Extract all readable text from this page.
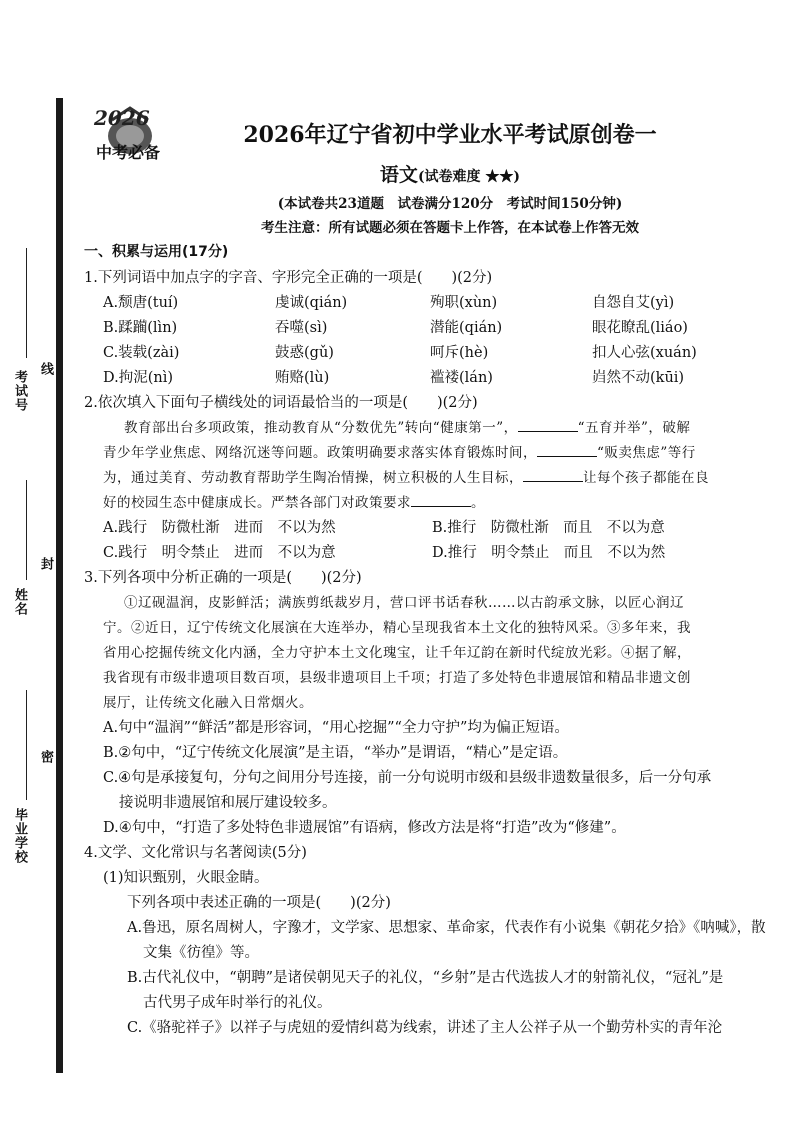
考试号
线
姓名
封
密
毕业学校
2026
中考必备
2026年辽宁省初中学业水平考试原创卷一
语文(试卷难度 ★★)
(本试卷共23道题　试卷满分120分　考试时间150分钟)
考生注意：所有试题必须在答题卡上作答，在本试卷上作答无效
一、积累与运用(17分)
1.下列词语中加点字的字音、字形完全正确的一项是(　　)(2分)
A.颓唐(tuí)	虔诚(qián)	殉职(xùn)	自怨自艾(yì)
B.蹂躏(lìn)	吞噬(sì)	潜能(qián)	眼花瞭乱(liáo)
C.装载(zài)	鼓惑(gǔ)	呵斥(hè)	扣人心弦(xuán)
D.拘泥(nì)	贿赂(lù)	褴褛(lán)	岿然不动(kūi)
2.依次填入下面句子横线处的词语最恰当的一项是(　　)(2分)
教育部出台多项政策，推动教育从“分数优先”转向“健康第一”，	“五育并举”，破解
青少年学业焦虑、网络沉迷等问题。政策明确要求落实体育锻炼时间，	“贩卖焦虑”等行
为，通过美育、劳动教育帮助学生陶冶情操，树立积极的人生目标，	让每个孩子都能在良
好的校园生态中健康成长。严禁各部门对政策要求	。
A.践行　防微杜渐　进而　不以为然	B.推行　防微杜渐　而且　不以为意
C.践行　明令禁止　进而　不以为意	D.推行　明令禁止　而且　不以为然
3.下列各项中分析正确的一项是(　　)(2分)
①辽砚温润，皮影鲜活；满族剪纸裁岁月，营口评书话春秋……以古韵承文脉，以匠心润辽
宁。②近日，辽宁传统文化展演在大连举办，精心呈现我省本土文化的独特风采。③多年来，我
省用心挖掘传统文化内涵，全力守护本土文化瑰宝，让千年辽韵在新时代绽放光彩。④据了解，
我省现有市级非遗项目数百项，县级非遗项目上千项；打造了多处特色非遗展馆和精品非遗文创
展厅，让传统文化融入日常烟火。
A.句中“温润”“鲜活”都是形容词，“用心挖掘”“全力守护”均为偏正短语。
B.②句中，“辽宁传统文化展演”是主语，“举办”是谓语，“精心”是定语。
C.④句是承接复句，分句之间用分号连接，前一分句说明市级和县级非遗数量很多，后一分句承
接说明非遗展馆和展厅建设较多。
D.④句中，“打造了多处特色非遗展馆”有语病，修改方法是将“打造”改为“修建”。
4.文学、文化常识与名著阅读(5分)
(1)知识甄别，火眼金睛。
下列各项中表述正确的一项是(　　)(2分)
A.鲁迅，原名周树人，字豫才，文学家、思想家、革命家，代表作有小说集《朝花夕拾》《呐喊》，散
文集《彷徨》等。
B.古代礼仪中，“朝聘”是诸侯朝见天子的礼仪，“乡射”是古代选拔人才的射箭礼仪，“冠礼”是
古代男子成年时举行的礼仪。
C.《骆驼祥子》以祥子与虎妞的爱情纠葛为线索，讲述了主人公祥子从一个勤劳朴实的青年沦
